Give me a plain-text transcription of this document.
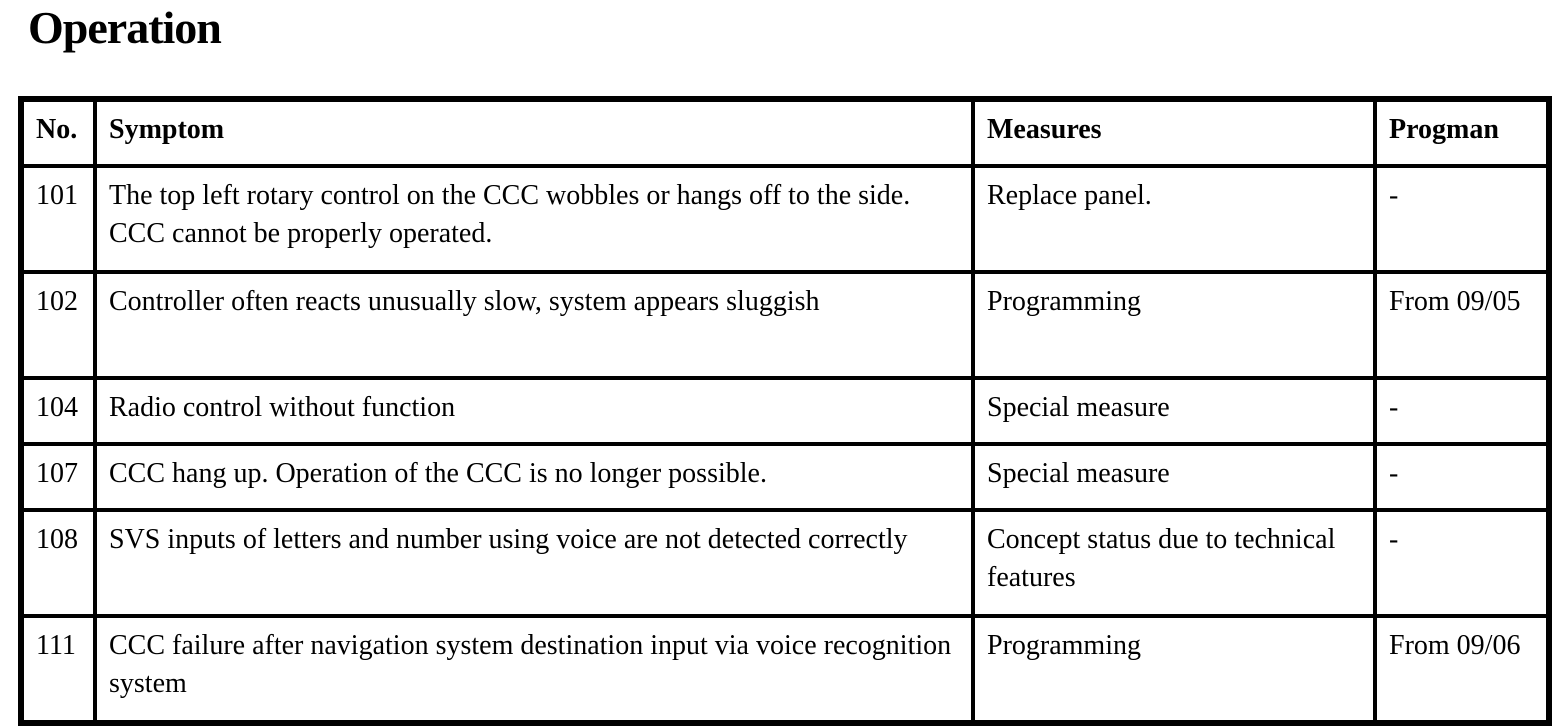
Operation
No.	Symptom	Measures	Progman
101	The top left rotary control on the CCC wobbles or hangs off to the side. CCC cannot be properly operated.	Replace panel.	-
102	Controller often reacts unusually slow, system appears sluggish	Programming	From 09/05
104	Radio control without function	Special measure	-
107	CCC hang up. Operation of the CCC is no longer possible.	Special measure	-
108	SVS inputs of letters and number using voice are not detected correctly	Concept status due to technical features	-
111	CCC failure after navigation system destination input via voice recognition system	Programming	From 09/06
